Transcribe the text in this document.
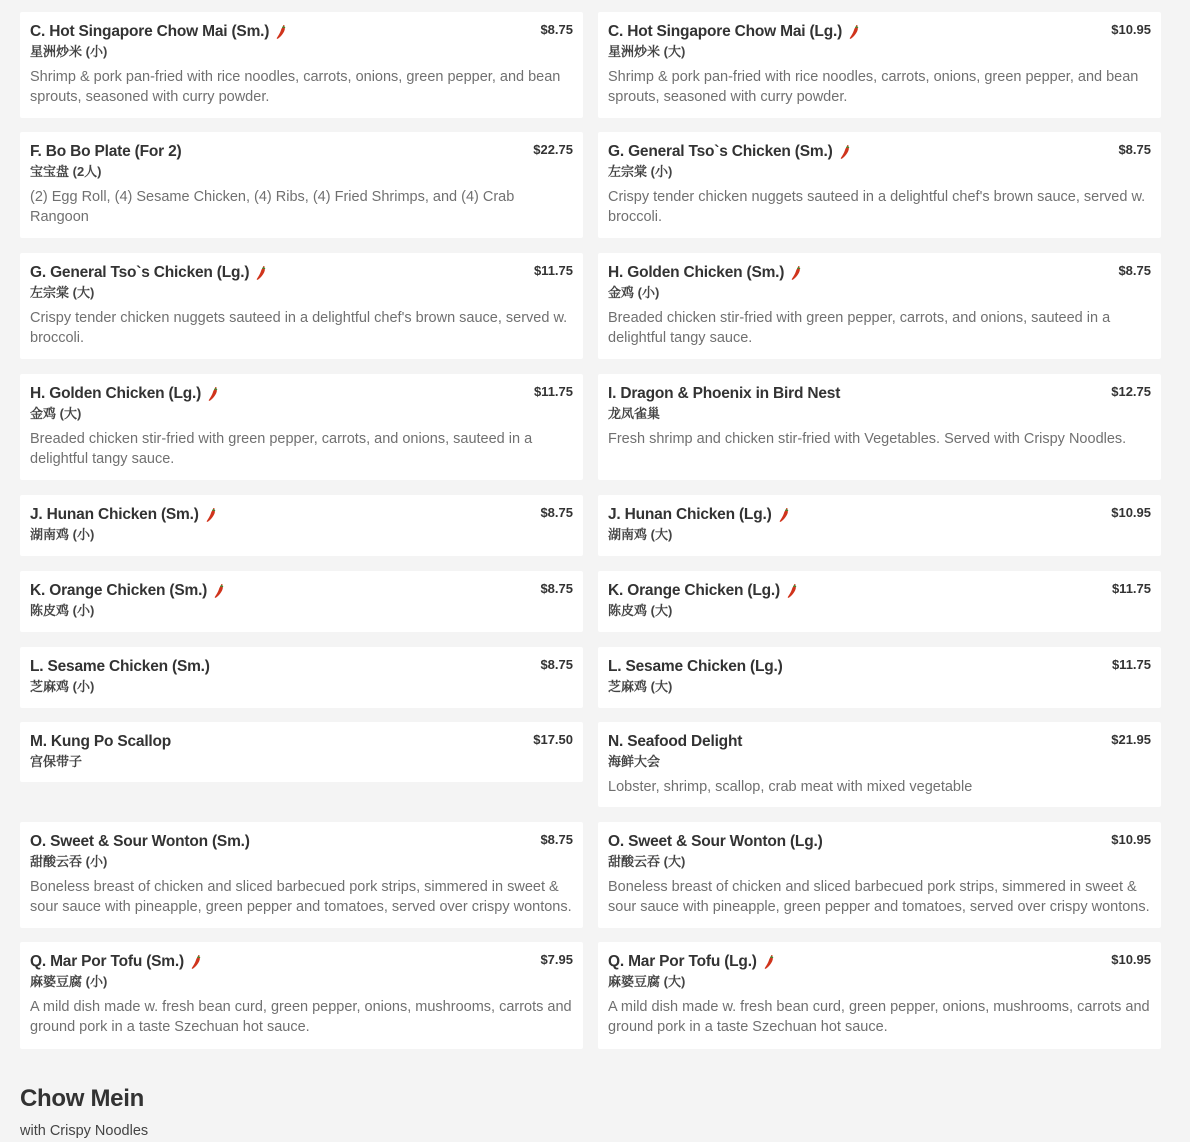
C. Hot Singapore Chow Mai (Sm.)	$8.75
星洲炒米 (小)
Shrimp & pork pan-fried with rice noodles, carrots, onions, green pepper, and bean sprouts, seasoned with curry powder.
C. Hot Singapore Chow Mai (Lg.)	$10.95
星洲炒米 (大)
Shrimp & pork pan-fried with rice noodles, carrots, onions, green pepper, and bean sprouts, seasoned with curry powder.
F. Bo Bo Plate (For 2)	$22.75
宝宝盘 (2人)
(2) Egg Roll, (4) Sesame Chicken, (4) Ribs, (4) Fried Shrimps, and (4) Crab Rangoon
G. General Tso`s Chicken (Sm.)	$8.75
左宗棠 (小)
Crispy tender chicken nuggets sauteed in a delightful chef's brown sauce, served w. broccoli.
G. General Tso`s Chicken (Lg.)	$11.75
左宗棠 (大)
Crispy tender chicken nuggets sauteed in a delightful chef's brown sauce, served w. broccoli.
H. Golden Chicken (Sm.)	$8.75
金鸡 (小)
Breaded chicken stir-fried with green pepper, carrots, and onions, sauteed in a delightful tangy sauce.
H. Golden Chicken (Lg.)	$11.75
金鸡 (大)
Breaded chicken stir-fried with green pepper, carrots, and onions, sauteed in a delightful tangy sauce.
I. Dragon & Phoenix in Bird Nest	$12.75
龙凤雀巢
Fresh shrimp and chicken stir-fried with Vegetables. Served with Crispy Noodles.
J. Hunan Chicken (Sm.)	$8.75
湖南鸡 (小)
J. Hunan Chicken (Lg.)	$10.95
湖南鸡 (大)
K. Orange Chicken (Sm.)	$8.75
陈皮鸡 (小)
K. Orange Chicken (Lg.)	$11.75
陈皮鸡 (大)
L. Sesame Chicken (Sm.)	$8.75
芝麻鸡 (小)
L. Sesame Chicken (Lg.)	$11.75
芝麻鸡 (大)
M. Kung Po Scallop	$17.50
宫保带子
N. Seafood Delight	$21.95
海鲜大会
Lobster, shrimp, scallop, crab meat with mixed vegetable
O. Sweet & Sour Wonton (Sm.)	$8.75
甜酸云吞 (小)
Boneless breast of chicken and sliced barbecued pork strips, simmered in sweet & sour sauce with pineapple, green pepper and tomatoes, served over crispy wontons.
O. Sweet & Sour Wonton (Lg.)	$10.95
甜酸云吞 (大)
Boneless breast of chicken and sliced barbecued pork strips, simmered in sweet & sour sauce with pineapple, green pepper and tomatoes, served over crispy wontons.
Q. Mar Por Tofu (Sm.)	$7.95
麻婆豆腐 (小)
A mild dish made w. fresh bean curd, green pepper, onions, mushrooms, carrots and ground pork in a taste Szechuan hot sauce.
Q. Mar Por Tofu (Lg.)	$10.95
麻婆豆腐 (大)
A mild dish made w. fresh bean curd, green pepper, onions, mushrooms, carrots and ground pork in a taste Szechuan hot sauce.
Chow Mein
with Crispy Noodles
